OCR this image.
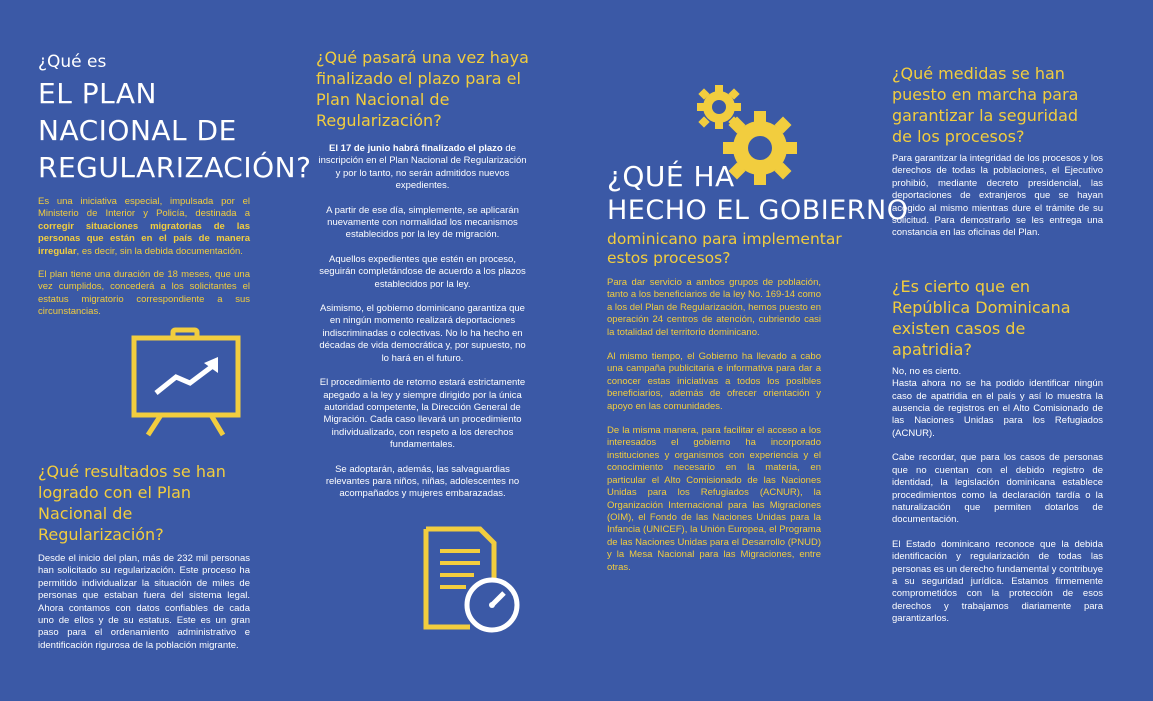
¿Qué es

EL PLAN

NACIONAL DE

REGULARIZACIÓN?

Es una iniciativa especial, impulsada por el Ministerio de Interior y Policía, destinada a corregir situaciones migratorias de las personas que están en el país de manera irregular, es decir, sin la debida documentación.

El plan tiene una duración de 18 meses, que una vez cumplidos, concederá a los solicitantes el estatus migratorio correspondiente a sus circunstancias.

¿Qué resultados se han logrado con el Plan Nacional de Regularización?

Desde el inicio del plan, más de 232 mil personas han solicitado su regularización. Este proceso ha permitido individualizar la situación de miles de personas que estaban fuera del sistema legal. Ahora contamos con datos confiables de cada uno de ellos y de su estatus. Este es un gran paso para el ordenamiento administrativo e identificación rigurosa de la población migrante.

¿Qué pasará una vez haya finalizado el plazo para el Plan Nacional de Regularización?

El 17 de junio habrá finalizado el plazo de inscripción en el Plan Nacional de Regularización y por lo tanto, no serán admitidos nuevos expedientes.

A partir de ese día, simplemente, se aplicarán nuevamente con normalidad los mecanismos establecidos por la ley de migración.

Aquellos expedientes que estén en proceso, seguirán completándose de acuerdo a los plazos establecidos por la ley.

Asimismo, el gobierno dominicano garantiza que en ningún momento realizará deportaciones indiscriminadas o colectivas. No lo ha hecho en décadas de vida democrática y, por supuesto, no lo hará en el futuro.

El procedimiento de retorno estará estrictamente apegado a la ley y siempre dirigido por la única autoridad competente, la Dirección General de Migración. Cada caso llevará un procedimiento individualizado, con respeto a los derechos fundamentales.

Se adoptarán, además, las salvaguardias relevantes para niños, niñas, adolescentes no acompañados y mujeres embarazadas.

¿QUÉ HA

HECHO EL GOBIERNO

dominicano para implementar

estos procesos?

Para dar servicio a ambos grupos de población, tanto a los beneficiarios de la ley No. 169-14 como a los del Plan de Regularización, hemos puesto en operación 24 centros de atención, cubriendo casi la totalidad del territorio dominicano.

Al mismo tiempo, el Gobierno ha llevado a cabo una campaña publicitaria e informativa para dar a conocer estas iniciativas a todos los posibles beneficiarios, además de ofrecer orientación y apoyo en las comunidades.

De la misma manera, para facilitar el acceso a los interesados el gobierno ha incorporado instituciones y organismos con experiencia y el conocimiento necesario en la materia, en particular el Alto Comisionado de las Naciones Unidas para los Refugiados (ACNUR), la Organización Internacional para las Migraciones (OIM), el Fondo de las Naciones Unidas para la Infancia (UNICEF), la Unión Europea, el Programa de las Naciones Unidas para el Desarrollo (PNUD) y la Mesa Nacional para las Migraciones, entre otras.

¿Qué medidas se han puesto en marcha para garantizar la seguridad de los procesos?

Para garantizar la integridad de los procesos y los derechos de todas la poblaciones, el Ejecutivo prohibió, mediante decreto presidencial, las deportaciones de extranjeros que se hayan acogido al mismo mientras dure el trámite de su solicitud. Para demostrarlo se les entrega una constancia en las oficinas del Plan.

¿Es cierto que en República Dominicana existen casos de apatridia?

No, no es cierto.

Hasta ahora no se ha podido identificar ningún caso de apatridia en el país y así lo muestra la ausencia de registros en el Alto Comisionado de las Naciones Unidas para los Refugiados (ACNUR).

Cabe recordar, que para los casos de personas que no cuentan con el debido registro de identidad, la legislación dominicana establece procedimientos como la declaración tardía o la naturalización que permiten dotarlos de documentación.

El Estado dominicano reconoce que la debida identificación y regularización de todas las personas es un derecho fundamental y contribuye a su seguridad jurídica. Estamos firmemente comprometidos con la protección de esos derechos y trabajamos diariamente para garantizarlos.
